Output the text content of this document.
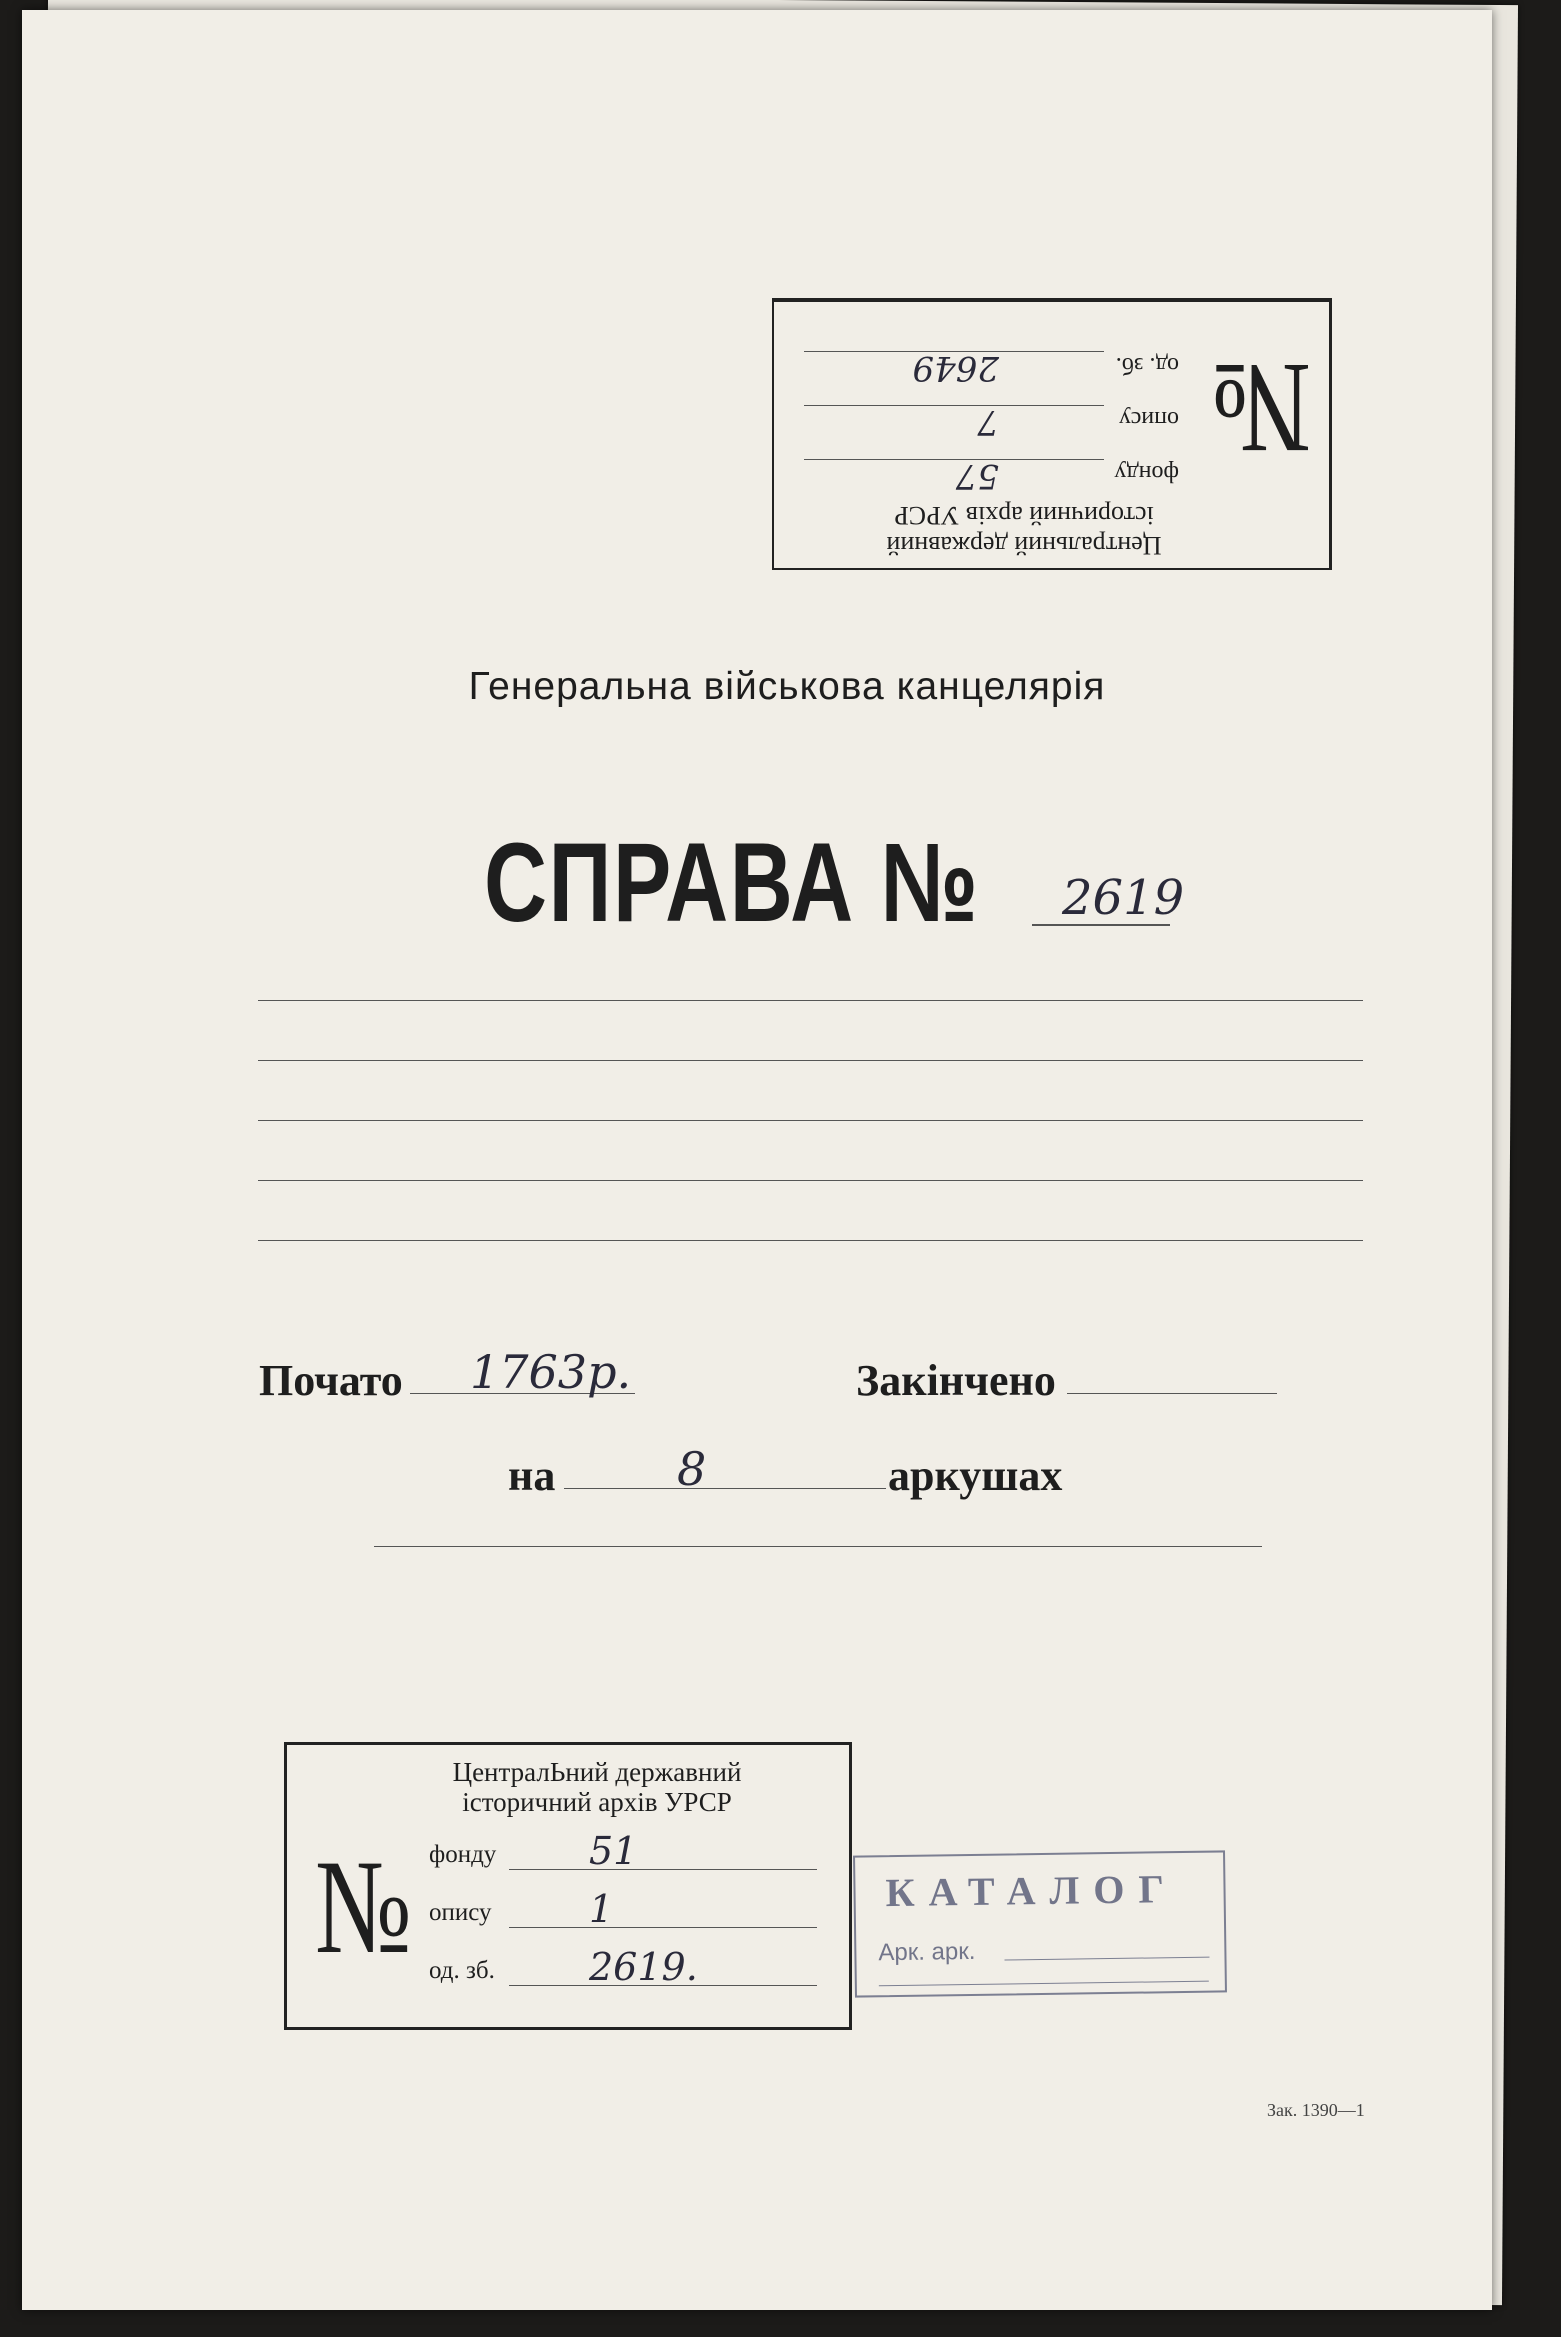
№
Центральний державний
історичний архів УРСР
фонду
57
опису
7
од. зб.
2649
Генеральна військова канцелярія
СПРАВА № 2619
Почато 1763р.	Закінчено
на	8	аркушах
ЦентралЬний державний
історичний архів УРСР
№ фонду 51
опису	1
од. зб. 2619.
КАТАЛОГ
Арк. арк.
Зак. 1390—1
